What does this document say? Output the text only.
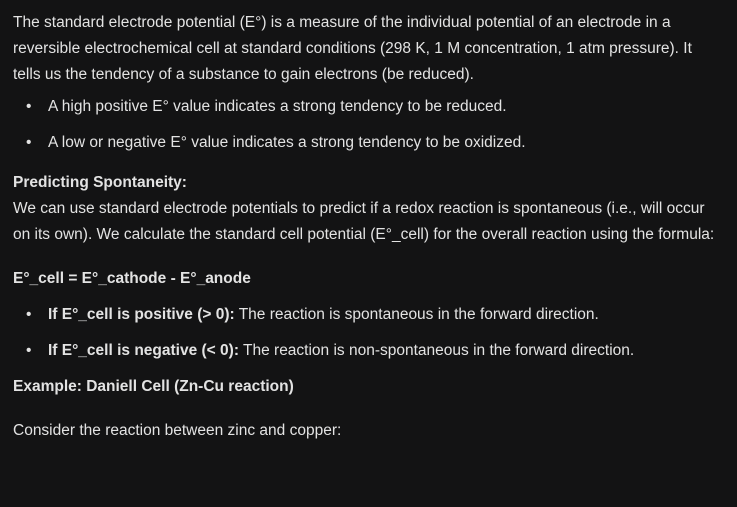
The standard electrode potential (E°) is a measure of the individual potential of an electrode in a reversible electrochemical cell at standard conditions (298 K, 1 M concentration, 1 atm pressure). It tells us the tendency of a substance to gain electrons (be reduced).

• A high positive E° value indicates a strong tendency to be reduced.
• A low or negative E° value indicates a strong tendency to be oxidized.

Predicting Spontaneity:

We can use standard electrode potentials to predict if a redox reaction is spontaneous (i.e., will occur on its own). We calculate the standard cell potential (E°_cell) for the overall reaction using the formula:

E°_cell = E°_cathode - E°_anode

• If E°_cell is positive (> 0): The reaction is spontaneous in the forward direction.
• If E°_cell is negative (< 0): The reaction is non-spontaneous in the forward direction.

Example: Daniell Cell (Zn-Cu reaction)

Consider the reaction between zinc and copper:
